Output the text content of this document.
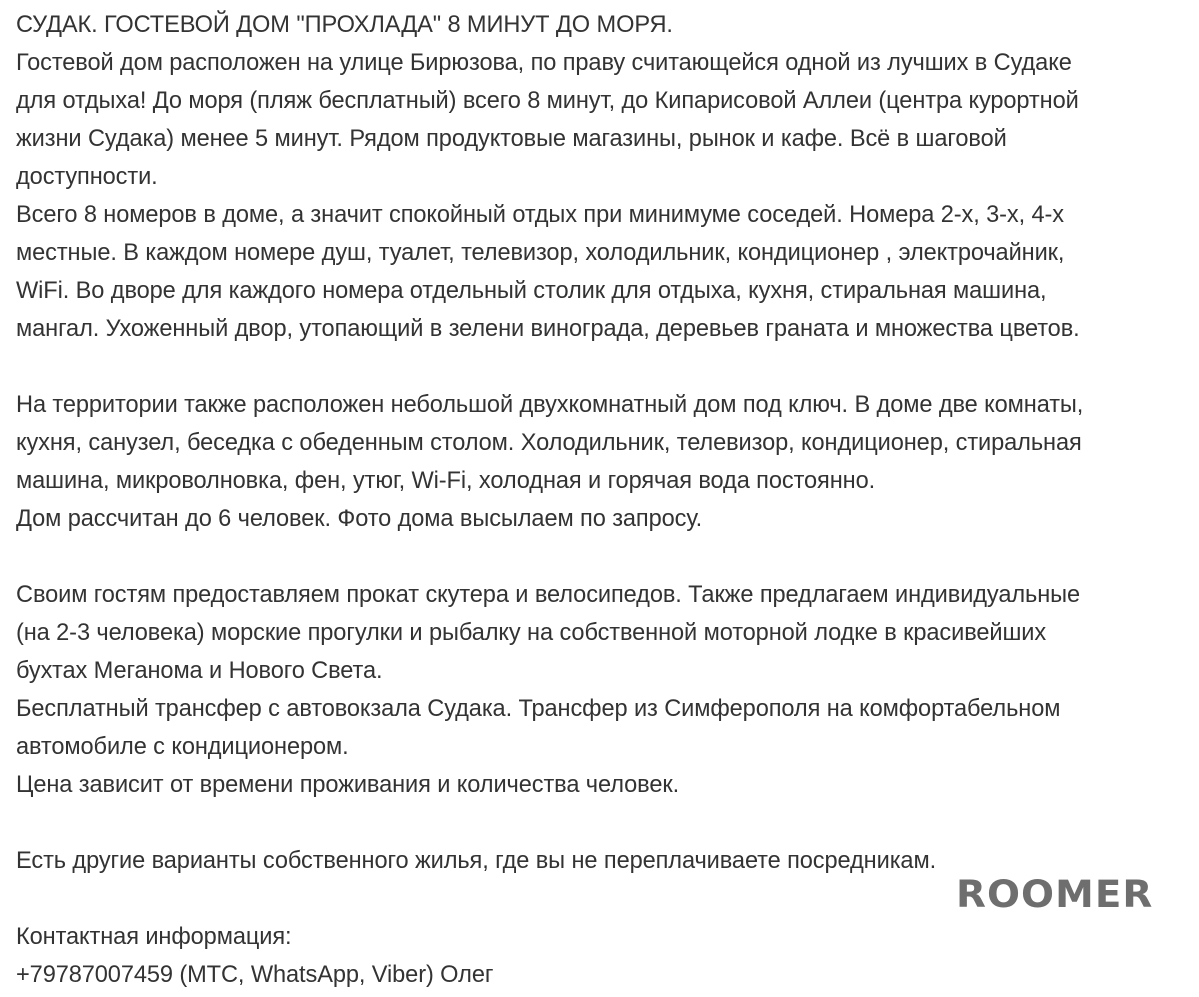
СУДАК. ГОСТЕВОЙ ДОМ "ПРОХЛАДА" 8 МИНУТ ДО МОРЯ.
Гостевой дом расположен на улице Бирюзова, по праву считающейся одной из лучших в Судаке
для отдыха! До моря (пляж бесплатный) всего 8 минут, до Кипарисовой Аллеи (центра курортной
жизни Судака) менее 5 минут. Рядом продуктовые магазины, рынок и кафе. Всё в шаговой
доступности.
Всего 8 номеров в доме, а значит спокойный отдых при минимуме соседей. Номера 2-х, 3-х, 4-х
местные. В каждом номере душ, туалет, телевизор, холодильник, кондиционер , электрочайник,
WiFi. Во дворе для каждого номера отдельный столик для отдыха, кухня, стиральная машина,
мангал. Ухоженный двор, утопающий в зелени винограда, деревьев граната и множества цветов.
На территории также расположен небольшой двухкомнатный дом под ключ. В доме две комнаты,
кухня, санузел, беседка с обеденным столом. Холодильник, телевизор, кондиционер, стиральная
машина, микроволновка, фен, утюг, Wi-Fi, холодная и горячая вода постоянно.
Дом рассчитан до 6 человек. Фото дома высылаем по запросу.
Своим гостям предоставляем прокат скутера и велосипедов. Также предлагаем индивидуальные
(на 2-3 человека) морские прогулки и рыбалку на собственной моторной лодке в красивейших
бухтах Меганома и Нового Света.
Бесплатный трансфер с автовокзала Судака. Трансфер из Симферополя на комфортабельном
автомобиле с кондиционером.
Цена зависит от времени проживания и количества человек.
Есть другие варианты собственного жилья, где вы не переплачиваете посредникам.
Контактная информация:
+79787007459 (МТС, WhatsApp, Viber) Олег
ROOMER
